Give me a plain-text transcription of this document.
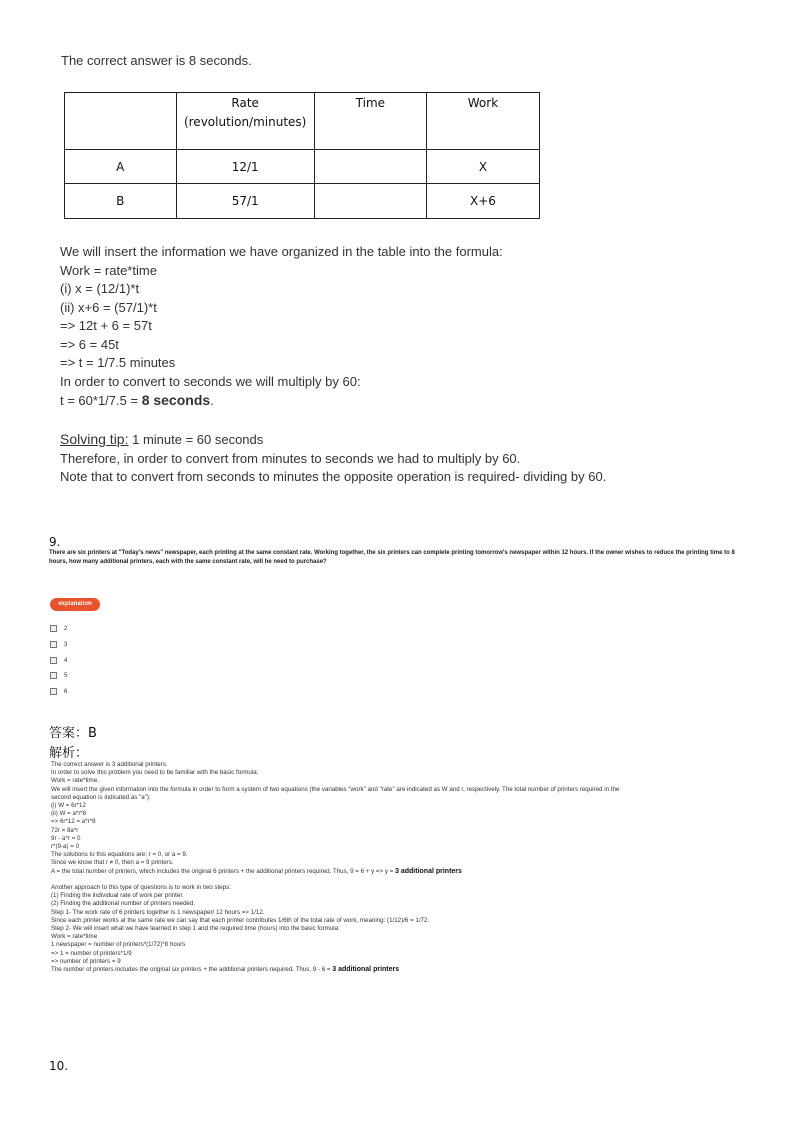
The correct answer is 8 seconds.

	Rate
(revolution/minutes)	Time	Work
A	12/1		X
B	57/1		X+6
We will insert the information we have organized in the table into the formula:
Work = rate*time
(i) x = (12/1)*t
(ii) x+6 = (57/1)*t
=> 12t + 6 = 57t
=> 6 = 45t
=> t = 1/7.5 minutes
In order to convert to seconds we will multiply by 60:
t = 60*1/7.5 = 8 seconds.
Solving tip: 1 minute = 60 seconds
Therefore, in order to convert from minutes to seconds we had to multiply by 60.
Note that to convert from seconds to minutes the opposite operation is required- dividing by 60.
9.
There are six printers at "Today's news" newspaper, each printing at the same constant rate. Working together, the six printers can complete printing tomorrow's newspaper within 12 hours. If the owner wishes to reduce the printing time to 8 hours, how many additional printers, each with the same constant rate, will he need to purchase?
explanation
2
3
4
5
6
答案：B
解析：
The correct answer is 3 additional printers.
In order to solve this problem you need to be familiar with the basic formula:
Work = rate*time.
We will insert the given information into the formula in order to form a system of two equations (the variables "work" and "rate" are indicated as W and r, respectively. The total number of printers required in the
second equation is indicated as "a"):
(i) W = 6r*12
(ii) W = a*r*8
=> 6r*12 = a*r*8
72r = 8a*r
9r - a*r = 0
r*(9-a) = 0
The solutions to this equations are: r = 0, or a = 9.
Since we know that r ≠ 0, then a = 9 printers.
A = the total number of printers, which includes the original 6 printers + the additional printers required. Thus, 9 = 6 + y => y = 3 additional printers
Another approach to this type of questions is to work in two steps:
(1) Finding the individual rate of work per printer.
(2) Finding the additional number of printers needed.
Step 1- The work rate of 6 printers together is 1 newspaper/ 12 hours => 1/12.
Since each printer works at the same rate we can say that each printer contributes 1/6th of the total rate of work, meaning: (1/12)/6 = 1/72.
Step 2- We will insert what we have learned in step 1 and the required time (hours) into the basic formula:
Work = rate*time
1 newspaper = number of printers*(1/72)*8 hours
=> 1 = number of printers*1/9
=> number of printers = 9
The number of printers includes the original six printers + the additional printers required. Thus, 9 - 6 = 3 additional printers
10.
